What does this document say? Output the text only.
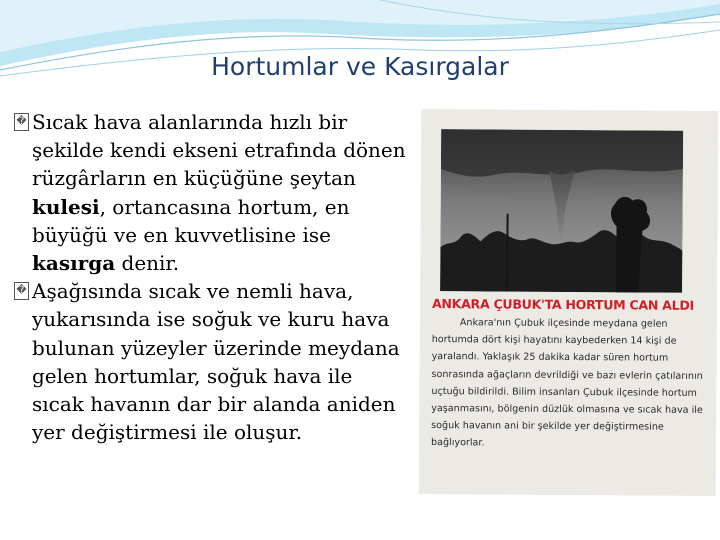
Hortumlar ve Kasırgalar

� Sıcak hava alanlarında hızlı bir şekilde kendi ekseni etrafında dönen rüzgârların en küçüğüne şeytan kulesi, ortancasına hortum, en büyüğü ve en kuvvetlisine ise kasırga denir.

� Aşağısında sıcak ve nemli hava, yukarısında ise soğuk ve kuru hava bulunan yüzeyler üzerinde meydana gelen hortumlar, soğuk hava ile sıcak havanın dar bir alanda aniden yer değiştirmesi ile oluşur.

ANKARA ÇUBUK'TA HORTUM CAN ALDI
Ankara'nın Çubuk ilçesinde meydana gelen hortumda dört kişi hayatını kaybederken 14 kişi de yaralandı. Yaklaşık 25 dakika kadar süren hortum sonrasında ağaçların devrildiği ve bazı evlerin çatılarının uçtuğu bildirildi. Bilim insanları Çubuk ilçesinde hortum yaşanmasını, bölgenin düzlük olmasına ve sıcak hava ile soğuk havanın ani bir şekilde yer değiştirmesine bağlıyorlar.
